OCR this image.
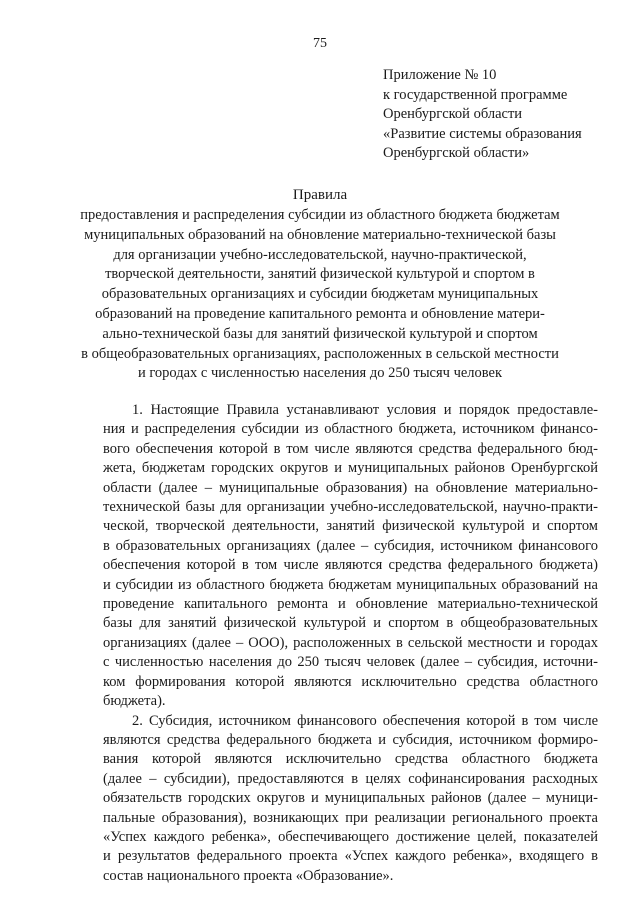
75
Приложение № 10
к государственной программе
Оренбургской области
«Развитие системы образования
Оренбургской области»
Правила
предоставления и распределения субсидии из областного бюджета бюджетам
муниципальных образований на обновление материально-технической базы
для организации учебно-исследовательской, научно-практической,
творческой деятельности, занятий физической культурой и спортом в
образовательных организациях и субсидии бюджетам муниципальных
образований на проведение капитального ремонта и обновление матери-
ально-технической базы для занятий физической культурой и спортом
в общеобразовательных организациях, расположенных в сельской местности
и городах с численностью населения до 250 тысяч человек
1. Настоящие Правила устанавливают условия и порядок предоставле-
ния и распределения субсидии из областного бюджета, источником финансо-
вого обеспечения которой в том числе являются средства федерального бюд-
жета, бюджетам городских округов и муниципальных районов Оренбургской
области (далее – муниципальные образования) на обновление материально-
технической базы для организации учебно-исследовательской, научно-практи-
ческой, творческой деятельности, занятий физической культурой и спортом
в образовательных организациях (далее – субсидия, источником финансового
обеспечения которой в том числе являются средства федерального бюджета)
и субсидии из областного бюджета бюджетам муниципальных образований на
проведение капитального ремонта и обновление материально-технической
базы для занятий физической культурой и спортом в общеобразовательных
организациях (далее – ООО), расположенных в сельской местности и городах
с численностью населения до 250 тысяч человек (далее – субсидия, источни-
ком формирования которой являются исключительно средства областного
бюджета).
2. Субсидия, источником финансового обеспечения которой в том числе
являются средства федерального бюджета и субсидия, источником формиро-
вания которой являются исключительно средства областного бюджета
(далее – субсидии), предоставляются в целях софинансирования расходных
обязательств городских округов и муниципальных районов (далее – муници-
пальные образования), возникающих при реализации регионального проекта
«Успех каждого ребенка», обеспечивающего достижение целей, показателей
и результатов федерального проекта «Успех каждого ребенка», входящего в
состав национального проекта «Образование».
